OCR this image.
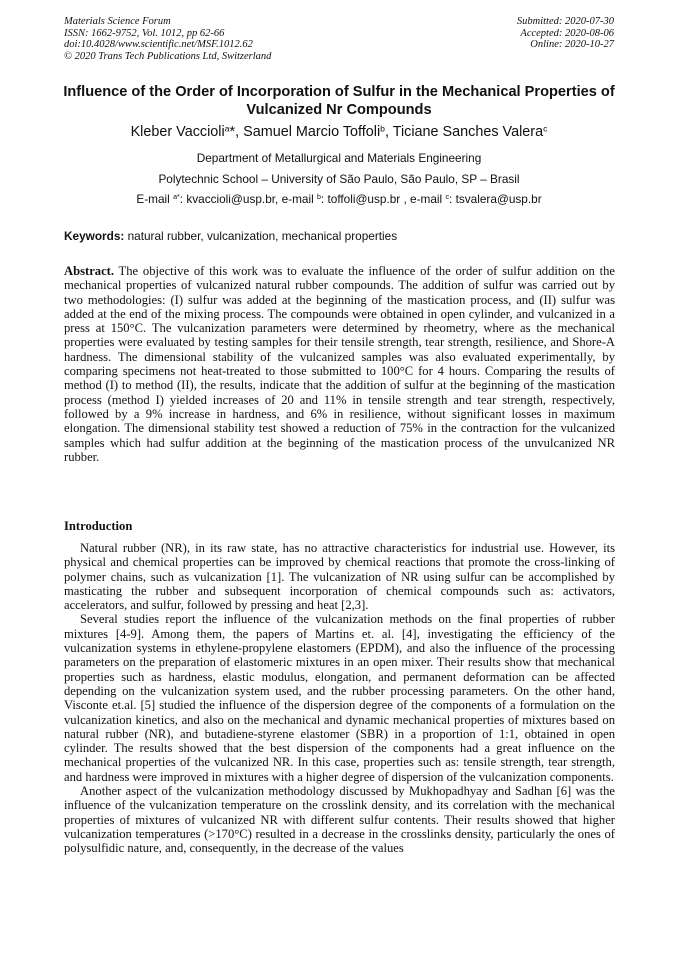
Materials Science Forum
ISSN: 1662-9752, Vol. 1012, pp 62-66
doi:10.4028/www.scientific.net/MSF.1012.62
© 2020 Trans Tech Publications Ltd, Switzerland
Submitted: 2020-07-30
Accepted: 2020-08-06
Online: 2020-10-27
Influence of the Order of Incorporation of Sulfur in the Mechanical Properties of Vulcanized Nr Compounds
Kleber Vaccioli$^a$*, Samuel Marcio Toffoli$^b$, Ticiane Sanches Valera$^c$
Department of Metallurgical and Materials Engineering
Polytechnic School – University of São Paulo, São Paulo, SP – Brasil
E-mail $^{a*}$: kvaccioli@usp.br, e-mail $^b$: toffoli@usp.br , e-mail $^c$: tsvalera@usp.br
Keywords: natural rubber, vulcanization, mechanical properties
Abstract. The objective of this work was to evaluate the influence of the order of sulfur addition on the mechanical properties of vulcanized natural rubber compounds. The addition of sulfur was carried out by two methodologies: (I) sulfur was added at the beginning of the mastication process, and (II) sulfur was added at the end of the mixing process. The compounds were obtained in open cylinder, and vulcanized in a press at 150°C. The vulcanization parameters were determined by rheometry, where as the mechanical properties were evaluated by testing samples for their tensile strength, tear strength, resilience, and Shore-A hardness. The dimensional stability of the vulcanized samples was also evaluated experimentally, by comparing specimens not heat-treated to those submitted to 100°C for 4 hours. Comparing the results of method (I) to method (II), the results, indicate that the addition of sulfur at the beginning of the mastication process (method I) yielded increases of 20 and 11% in tensile strength and tear strength, respectively, followed by a 9% increase in hardness, and 6% in resilience, without significant losses in maximum elongation. The dimensional stability test showed a reduction of 75% in the contraction for the vulcanized samples which had sulfur addition at the beginning of the mastication process of the unvulcanized NR rubber.
Introduction

Natural rubber (NR), in its raw state, has no attractive characteristics for industrial use. However, its physical and chemical properties can be improved by chemical reactions that promote the cross-linking of polymer chains, such as vulcanization [1]. The vulcanization of NR using sulfur can be accomplished by masticating the rubber and subsequent incorporation of chemical compounds such as: activators, accelerators, and sulfur, followed by pressing and heat [2,3].

Several studies report the influence of the vulcanization methods on the final properties of rubber mixtures [4-9]. Among them, the papers of Martins et. al. [4], investigating the efficiency of the vulcanization systems in ethylene-propylene elastomers (EPDM), and also the influence of the processing parameters on the preparation of elastomeric mixtures in an open mixer. Their results show that mechanical properties such as hardness, elastic modulus, elongation, and permanent deformation can be affected depending on the vulcanization system used, and the rubber processing parameters. On the other hand, Visconte et.al. [5] studied the influence of the dispersion degree of the components of a formulation on the vulcanization kinetics, and also on the mechanical and dynamic mechanical properties of mixtures based on natural rubber (NR), and butadiene-styrene elastomer (SBR) in a proportion of 1:1, obtained in open cylinder. The results showed that the best dispersion of the components had a great influence on the mechanical properties of the vulcanized NR. In this case, properties such as: tensile strength, tear strength, and hardness were improved in mixtures with a higher degree of dispersion of the vulcanization components.

Another aspect of the vulcanization methodology discussed by Mukhopadhyay and Sadhan [6] was the influence of the vulcanization temperature on the crosslink density, and its correlation with the mechanical properties of mixtures of vulcanized NR with different sulfur contents. Their results showed that higher vulcanization temperatures (>170°C) resulted in a decrease in the crosslinks density, particularly the ones of polysulfidic nature, and, consequently, in the decrease of the values
